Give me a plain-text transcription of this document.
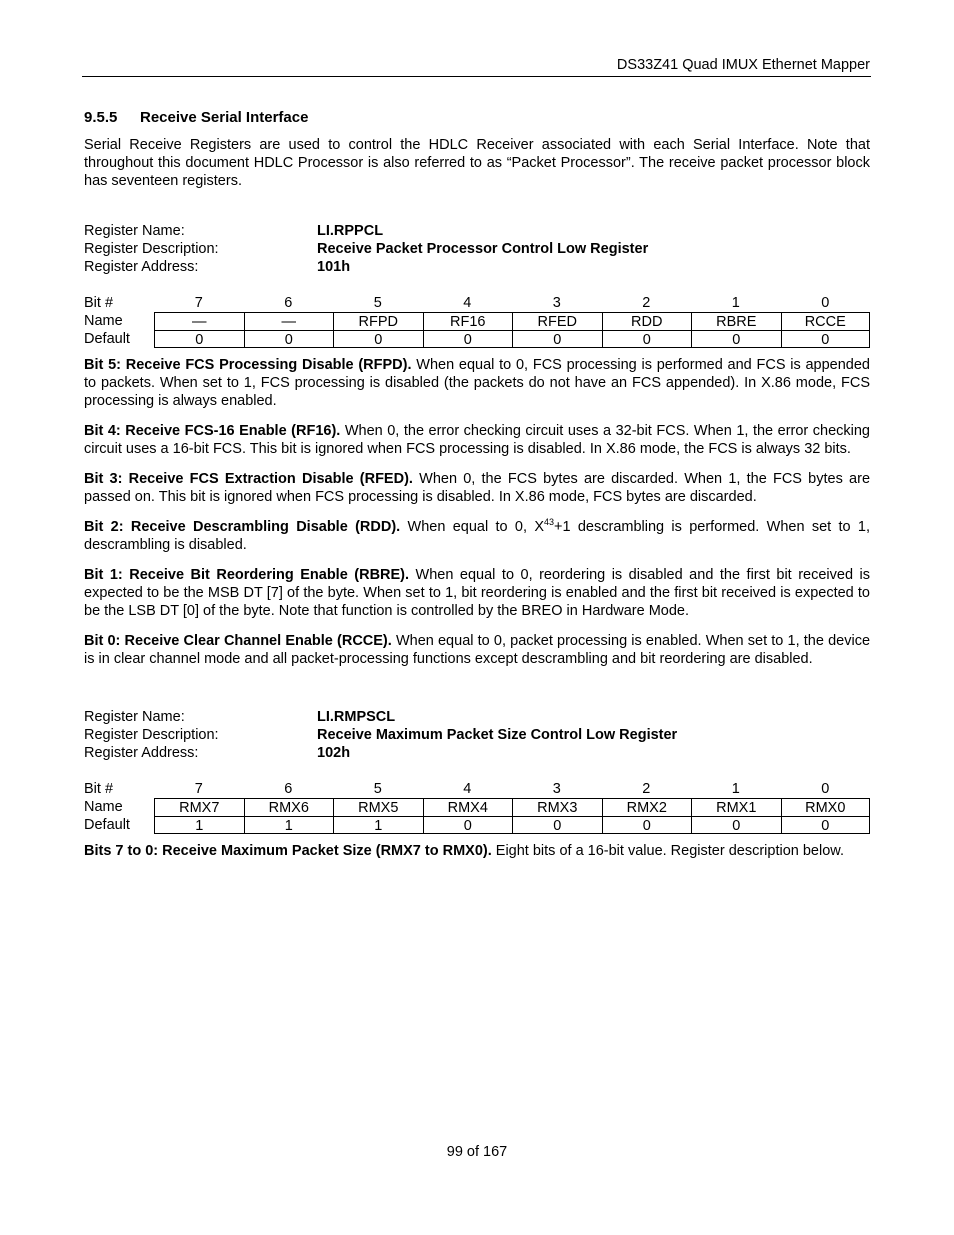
DS33Z41 Quad IMUX Ethernet Mapper
9.5.5 Receive Serial Interface

Serial Receive Registers are used to control the HDLC Receiver associated with each Serial Interface. Note that throughout this document HDLC Processor is also referred to as “Packet Processor”. The receive packet processor block has seventeen registers.

Register Name:	LI.RPPCL
Register Description:	Receive Packet Processor Control Low Register
Register Address:	101h
Bit #	7	6	5	4	3	2	1	0
Name	—	—	RFPD	RF16	RFED	RDD	RBRE	RCCE
Default	0	0	0	0	0	0	0	0

Bit 5: Receive FCS Processing Disable (RFPD). When equal to 0, FCS processing is performed and FCS is appended to packets. When set to 1, FCS processing is disabled (the packets do not have an FCS appended). In X.86 mode, FCS processing is always enabled.

Bit 4: Receive FCS-16 Enable (RF16). When 0, the error checking circuit uses a 32-bit FCS. When 1, the error checking circuit uses a 16-bit FCS. This bit is ignored when FCS processing is disabled. In X.86 mode, the FCS is always 32 bits.

Bit 3: Receive FCS Extraction Disable (RFED). When 0, the FCS bytes are discarded. When 1, the FCS bytes are passed on. This bit is ignored when FCS processing is disabled. In X.86 mode, FCS bytes are discarded.

Bit 2: Receive Descrambling Disable (RDD). When equal to 0, $X^{43}+1$ descrambling is performed. When set to 1, descrambling is disabled.

Bit 1: Receive Bit Reordering Enable (RBRE). When equal to 0, reordering is disabled and the first bit received is expected to be the MSB DT [7] of the byte. When set to 1, bit reordering is enabled and the first bit received is expected to be the LSB DT [0] of the byte. Note that function is controlled by the BREO in Hardware Mode.

Bit 0: Receive Clear Channel Enable (RCCE). When equal to 0, packet processing is enabled. When set to 1, the device is in clear channel mode and all packet-processing functions except descrambling and bit reordering are disabled.

Register Name:	LI.RMPSCL
Register Description:	Receive Maximum Packet Size Control Low Register
Register Address:	102h
Bit #	7	6	5	4	3	2	1	0
Name	RMX7	RMX6	RMX5	RMX4	RMX3	RMX2	RMX1	RMX0
Default	1	1	1	0	0	0	0	0

Bits 7 to 0: Receive Maximum Packet Size (RMX7 to RMX0). Eight bits of a 16-bit value. Register description below.

99 of 167
